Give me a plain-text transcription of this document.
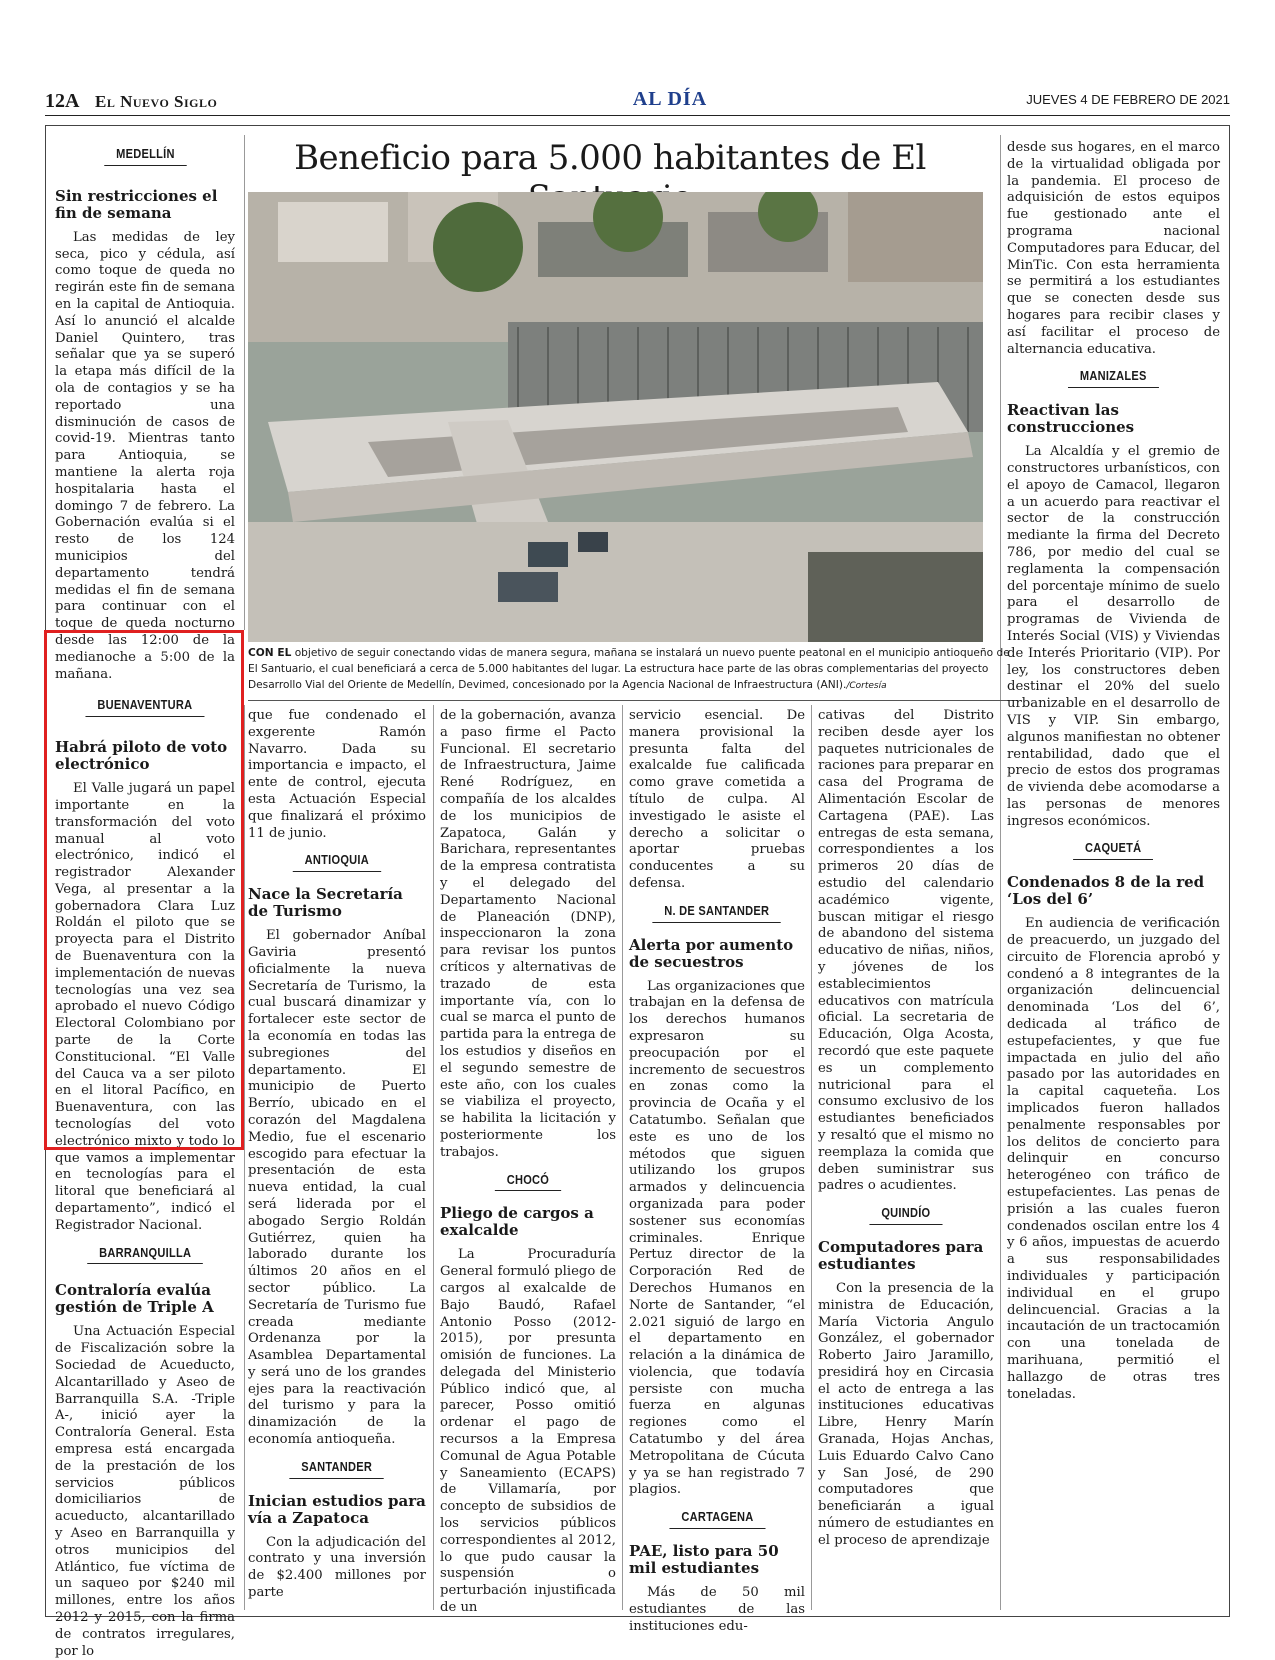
12A El Nuevo Siglo	AL DÍA	JUEVES 4 DE FEBRERO DE 2021
MEDELLÍN
Sin restricciones el fin de semana

Las medidas de ley seca, pico y cédula, así como toque de queda no regirán este fin de semana en la capital de Antioquia. Así lo anunció el alcalde Daniel Quintero, tras señalar que ya se superó la etapa más difícil de la ola de contagios y se ha reportado una disminución de casos de covid-19. Mientras tanto para Antioquia, se mantiene la alerta roja hospitalaria hasta el domingo 7 de febrero. La Gobernación evalúa si el resto de los 124 municipios del departamento tendrá medidas el fin de semana para continuar con el toque de queda nocturno desde las 12:00 de la medianoche a 5:00 de la mañana.

BUENAVENTURA
Habrá piloto de voto electrónico

El Valle jugará un papel importante en la transformación del voto manual al voto electrónico, indicó el registrador Alexander Vega, al presentar a la gobernadora Clara Luz Roldán el piloto que se proyecta para el Distrito de Buenaventura con la implementación de nuevas tecnologías una vez sea aprobado el nuevo Código Electoral Colombiano por parte de la Corte Constitucional. “El Valle del Cauca va a ser piloto en el litoral Pacífico, en Buenaventura, con las tecnologías del voto electrónico mixto y todo lo que vamos a implementar en tecnologías para el litoral que beneficiará al departamento”, indicó el Registrador Nacional.

BARRANQUILLA
Contraloría evalúa gestión de Triple A

Una Actuación Especial de Fiscalización sobre la Sociedad de Acueducto, Alcantarillado y Aseo de Barranquilla S.A. -Triple A-, inició ayer la Contraloría General. Esta empresa está encargada de la prestación de los servicios públicos domiciliarios de acueducto, alcantarillado y Aseo en Barranquilla y otros municipios del Atlántico, fue víctima de un saqueo por $240 mil millones, entre los años 2012 y 2015, con la firma de contratos irregulares, por lo

Beneficio para 5.000 habitantes de El
CON EL objetivo de seguir conectando vidas de manera segura, mañana se instalará un nuevo puente peatonal en el municipio antioqueño de El Santuario, el cual beneficiará a cerca de 5.000 habitantes del lugar. La estructura hace parte de las obras complementarias del proyecto Desarrollo Vial del Oriente de Medellín, Devimed, concesionado por la Agencia Nacional de Infraestructura (ANI)./Cortesía

que fue condenado el exgerente Ramón Navarro. Dada su importancia e impacto, el ente de control, ejecuta esta Actuación Especial que finalizará el próximo 11 de junio.

ANTIOQUIA
Nace la Secretaría de Turismo

El gobernador Aníbal Gaviria presentó oficialmente la nueva Secretaría de Turismo, la cual buscará dinamizar y fortalecer este sector de la economía en todas las subregiones del departamento. El municipio de Puerto Berrío, ubicado en el corazón del Magdalena Medio, fue el escenario escogido para efectuar la presentación de esta nueva entidad, la cual será liderada por el abogado Sergio Roldán Gutiérrez, quien ha laborado durante los últimos 20 años en el sector público. La Secretaría de Turismo fue creada mediante Ordenanza por la Asamblea Departamental y será uno de los grandes ejes para la reactivación del turismo y para la dinamización de la economía antioqueña.

SANTANDER
Inician estudios para vía a Zapatoca

Con la adjudicación del contrato y una inversión de $2.400 millones por parte

de la gobernación, avanza a paso firme el Pacto Funcional. El secretario de Infraestructura, Jaime René Rodríguez, en compañía de los alcaldes de los municipios de Zapatoca, Galán y Barichara, representantes de la empresa contratista y el delegado del Departamento Nacional de Planeación (DNP), inspeccionaron la zona para revisar los puntos críticos y alternativas de trazado de esta importante vía, con lo cual se marca el punto de partida para la entrega de los estudios y diseños en el segundo semestre de este año, con los cuales se viabiliza el proyecto, se habilita la licitación y posteriormente los trabajos.

CHOCÓ
Pliego de cargos a exalcalde

La Procuraduría General formuló pliego de cargos al exalcalde de Bajo Baudó, Rafael Antonio Posso (2012-2015), por presunta omisión de funciones. La delegada del Ministerio Público indicó que, al parecer, Posso omitió ordenar el pago de recursos a la Empresa Comunal de Agua Potable y Saneamiento (ECAPS) de Villamaría, por concepto de subsidios de los servicios públicos correspondientes al 2012, lo que pudo causar la suspensión o perturbación injustificada de un

servicio esencial. De manera provisional la presunta falta del exalcalde fue calificada como grave cometida a título de culpa. Al investigado le asiste el derecho a solicitar o aportar pruebas conducentes a su defensa.

N. DE SANTANDER
Alerta por aumento de secuestros

Las organizaciones que trabajan en la defensa de los derechos humanos expresaron su preocupación por el incremento de secuestros en zonas como la provincia de Ocaña y el Catatumbo. Señalan que este es uno de los métodos que siguen utilizando los grupos armados y delincuencia organizada para poder sostener sus economías criminales. Enrique Pertuz director de la Corporación Red de Derechos Humanos en Norte de Santander, “el 2.021 siguió de largo en el departamento en relación a la dinámica de violencia, que todavía persiste con mucha fuerza en algunas regiones como el Catatumbo y del área Metropolitana de Cúcuta y ya se han registrado 7 plagios.

CARTAGENA
PAE, listo para 50 mil estudiantes

Más de 50 mil estudiantes de las instituciones edu-

cativas del Distrito reciben desde ayer los paquetes nutricionales de raciones para preparar en casa del Programa de Alimentación Escolar de Cartagena (PAE). Las entregas de esta semana, correspondientes a los primeros 20 días de estudio del calendario académico vigente, buscan mitigar el riesgo de abandono del sistema educativo de niñas, niños, y jóvenes de los establecimientos educativos con matrícula oficial. La secretaria de Educación, Olga Acosta, recordó que este paquete es un complemento nutricional para el consumo exclusivo de los estudiantes beneficiados y resaltó que el mismo no reemplaza la comida que deben suministrar sus padres o acudientes.

QUINDÍO
Computadores para estudiantes

Con la presencia de la ministra de Educación, María Victoria Angulo González, el gobernador Roberto Jairo Jaramillo, presidirá hoy en Circasia el acto de entrega a las instituciones educativas Libre, Henry Marín Granada, Hojas Anchas, Luis Eduardo Calvo Cano y San José, de 290 computadores que beneficiarán a igual número de estudiantes en el proceso de aprendizaje

desde sus hogares, en el marco de la virtualidad obligada por la pandemia. El proceso de adquisición de estos equipos fue gestionado ante el programa nacional Computadores para Educar, del MinTic. Con esta herramienta se permitirá a los estudiantes que se conecten desde sus hogares para recibir clases y así facilitar el proceso de alternancia educativa.

MANIZALES
Reactivan las construcciones

La Alcaldía y el gremio de constructores urbanísticos, con el apoyo de Camacol, llegaron a un acuerdo para reactivar el sector de la construcción mediante la firma del Decreto 786, por medio del cual se reglamenta la compensación del porcentaje mínimo de suelo para el desarrollo de programas de Vivienda de Interés Social (VIS) y Viviendas de Interés Prioritario (VIP). Por ley, los constructores deben destinar el 20% del suelo urbanizable en el desarrollo de VIS y VIP. Sin embargo, algunos manifiestan no obtener rentabilidad, dado que el precio de estos dos programas de vivienda debe acomodarse a las personas de menores ingresos económicos.

CAQUETÁ
Condenados 8 de la red ‘Los del 6’

En audiencia de verificación de preacuerdo, un juzgado del circuito de Florencia aprobó y condenó a 8 integrantes de la organización delincuencial denominada ‘Los del 6’, dedicada al tráfico de estupefacientes, y que fue impactada en julio del año pasado por las autoridades en la capital caqueteña. Los implicados fueron hallados penalmente responsables por los delitos de concierto para delinquir en concurso heterogéneo con tráfico de estupefacientes. Las penas de prisión a las cuales fueron condenados oscilan entre los 4 y 6 años, impuestas de acuerdo a sus responsabilidades individuales y participación individual en el grupo delincuencial. Gracias a la incautación de un tractocamión con una tonelada de marihuana, permitió el hallazgo de otras tres toneladas.
